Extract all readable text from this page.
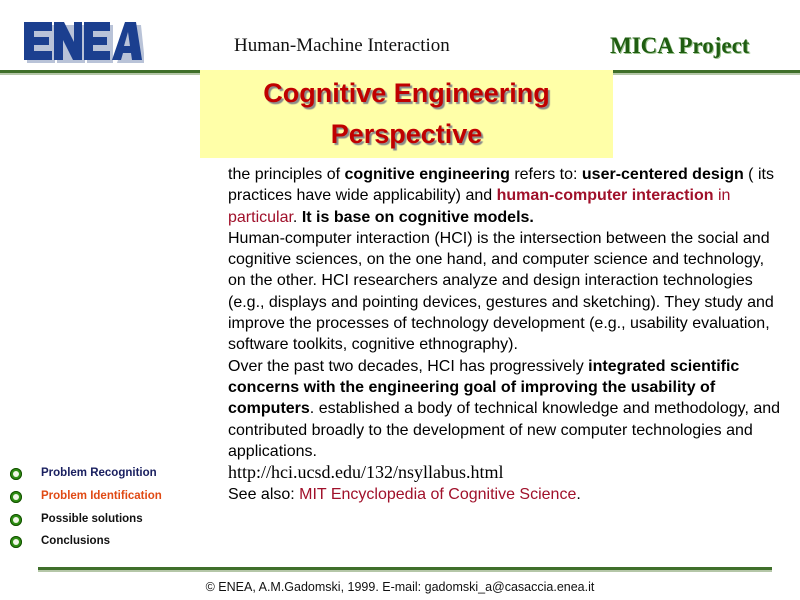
Human-Machine Interaction	MICA Project
Cognitive Engineering
Perspective

the principles of cognitive engineering refers to: user-centered design ( its practices have wide applicability) and human-computer interaction in particular. It is base on cognitive models.

Human-computer interaction (HCI) is the intersection between the social and cognitive sciences, on the one hand, and computer science and technology, on the other. HCI researchers analyze and design interaction technologies (e.g., displays and pointing devices, gestures and sketching). They study and improve the processes of technology development (e.g., usability evaluation, software toolkits, cognitive ethnography).

Over the past two decades, HCI has progressively integrated scientific concerns with the engineering goal of improving the usability of computers. established a body of technical knowledge and methodology, and contributed broadly to the development of new computer technologies and applications.

http://hci.ucsd.edu/132/nsyllabus.html

See also: MIT Encyclopedia of Cognitive Science.

Problem Recognition
Problem Identification
Possible solutions
Conclusions
© ENEA, A.M.Gadomski, 1999. E-mail: gadomski_a@casaccia.enea.it
